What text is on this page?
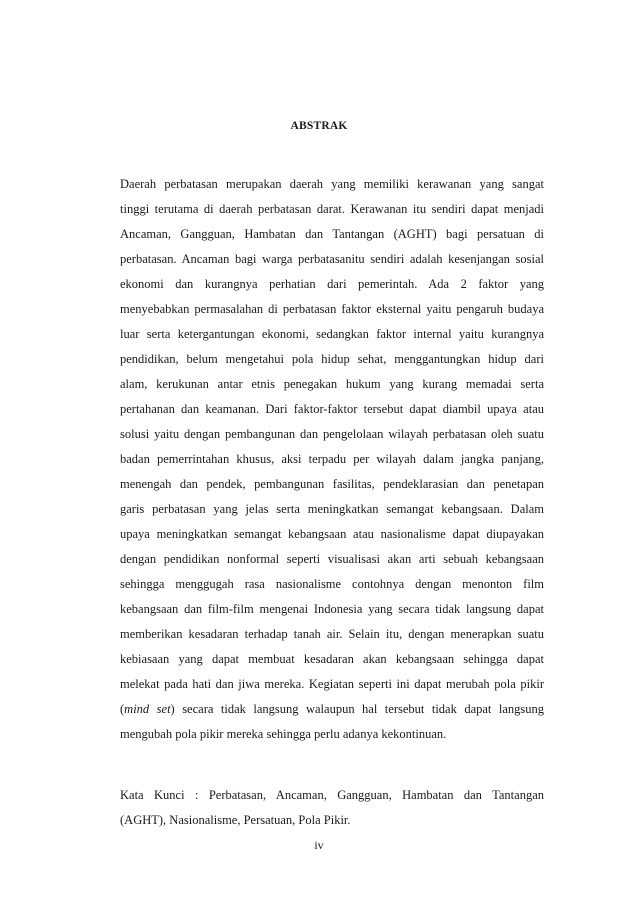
ABSTRAK
Daerah perbatasan merupakan daerah yang memiliki kerawanan yang sangat
tinggi terutama di daerah perbatasan darat. Kerawanan itu sendiri dapat menjadi
Ancaman, Gangguan, Hambatan dan Tantangan (AGHT) bagi persatuan di
perbatasan. Ancaman bagi warga perbatasanitu sendiri adalah kesenjangan sosial
ekonomi dan kurangnya perhatian dari pemerintah. Ada 2 faktor yang
menyebabkan permasalahan di perbatasan faktor eksternal yaitu pengaruh budaya
luar serta ketergantungan ekonomi, sedangkan faktor internal yaitu kurangnya
pendidikan, belum mengetahui pola hidup sehat, menggantungkan hidup dari
alam, kerukunan antar etnis penegakan hukum yang kurang memadai serta
pertahanan dan keamanan. Dari faktor-faktor tersebut dapat diambil upaya atau
solusi yaitu dengan pembangunan dan pengelolaan wilayah perbatasan oleh suatu
badan pemerrintahan khusus, aksi terpadu per wilayah dalam jangka panjang,
menengah dan pendek, pembangunan fasilitas, pendeklarasian dan penetapan
garis perbatasan yang jelas serta meningkatkan semangat kebangsaan. Dalam
upaya meningkatkan semangat kebangsaan atau nasionalisme dapat diupayakan
dengan pendidikan nonformal seperti visualisasi akan arti sebuah kebangsaan
sehingga menggugah rasa nasionalisme contohnya dengan menonton film
kebangsaan dan film-film mengenai Indonesia yang secara tidak langsung dapat
memberikan kesadaran terhadap tanah air. Selain itu, dengan menerapkan suatu
kebiasaan yang dapat membuat kesadaran akan kebangsaan sehingga dapat
melekat pada hati dan jiwa mereka. Kegiatan seperti ini dapat merubah pola pikir
(mind set) secara tidak langsung walaupun hal tersebut tidak dapat langsung
mengubah pola pikir mereka sehingga perlu adanya kekontinuan.
Kata Kunci : Perbatasan, Ancaman, Gangguan, Hambatan dan Tantangan
(AGHT), Nasionalisme, Persatuan, Pola Pikir.
iv
